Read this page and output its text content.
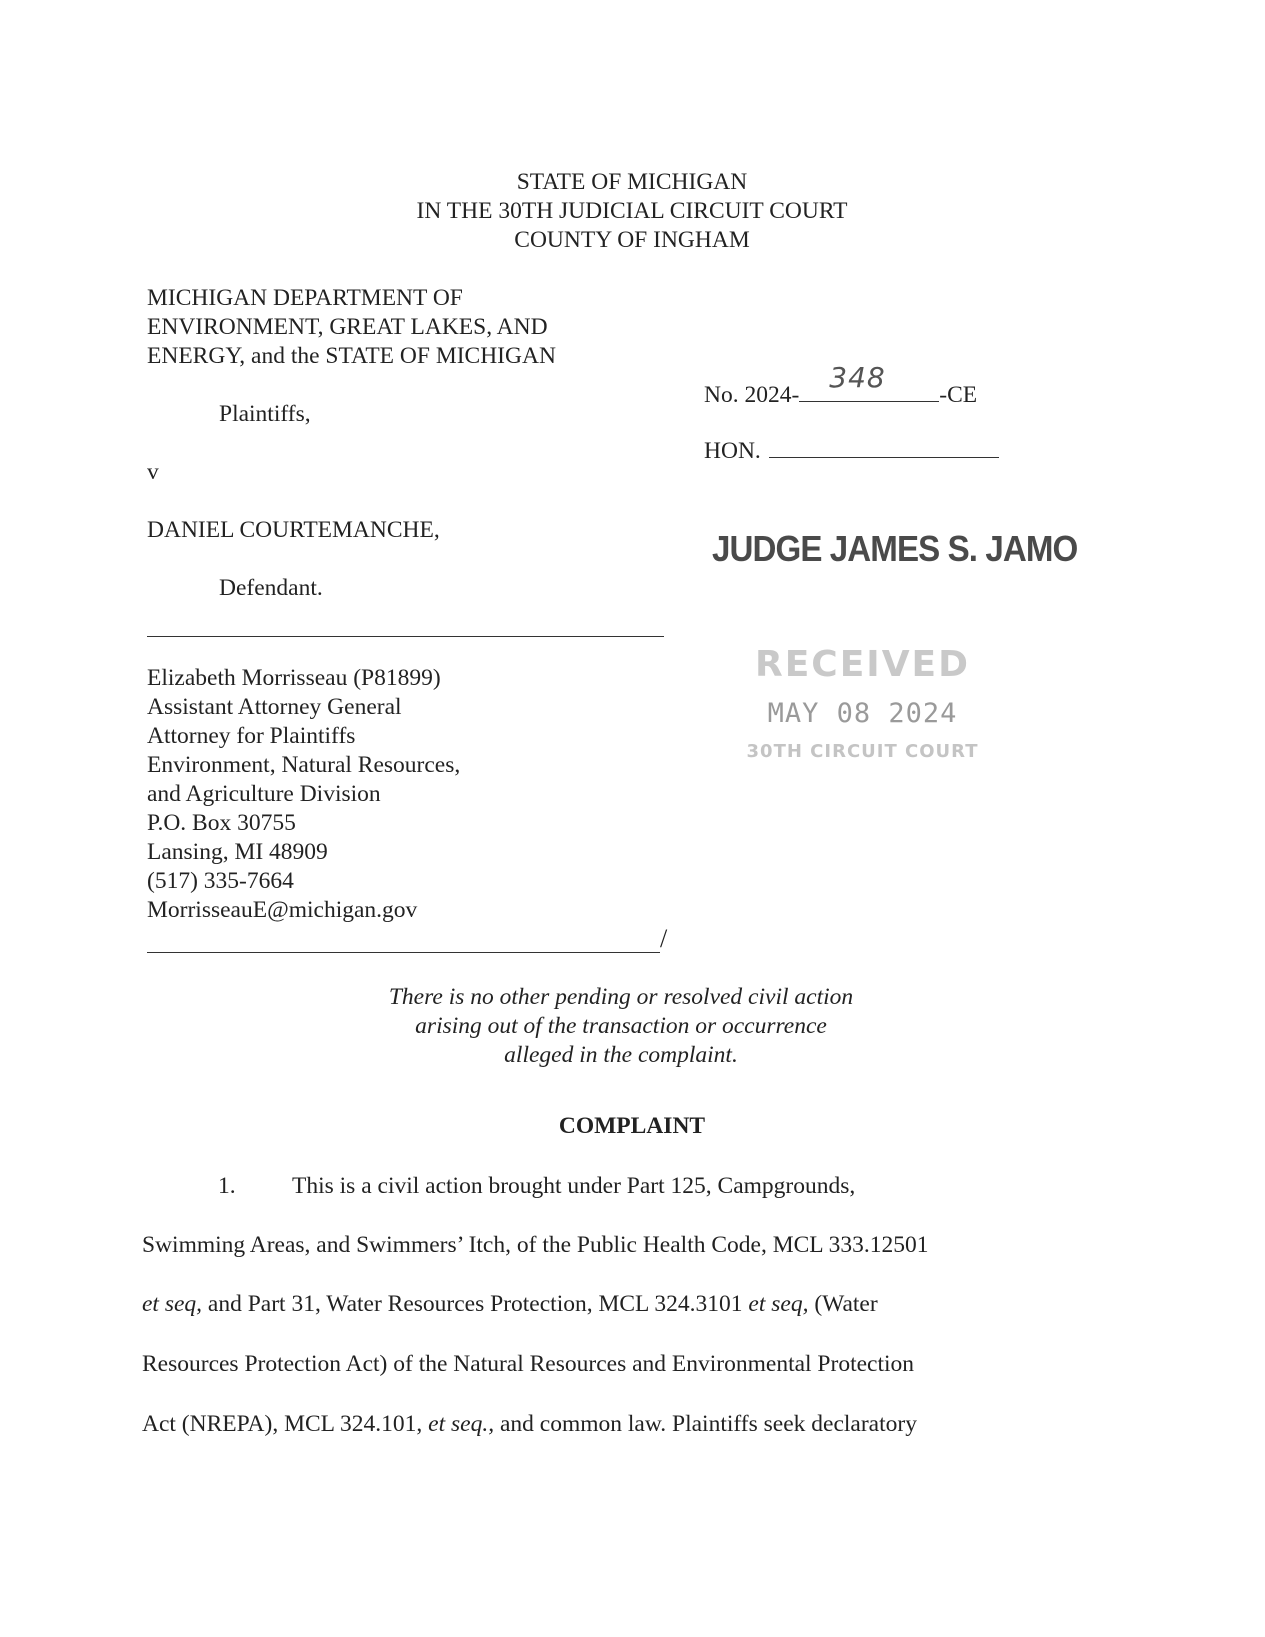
STATE OF MICHIGAN
IN THE 30TH JUDICIAL CIRCUIT COURT
COUNTY OF INGHAM
MICHIGAN DEPARTMENT OF
ENVIRONMENT, GREAT LAKES, AND
ENERGY, and the STATE OF MICHIGAN
Plaintiffs,
v
DANIEL COURTEMANCHE,
Defendant.
No. 2024-
348
-CE
HON.
JUDGE JAMES S. JAMO
RECEIVED
MAY 08 2024
30TH CIRCUIT COURT
Elizabeth Morrisseau (P81899)
Assistant Attorney General
Attorney for Plaintiffs
Environment, Natural Resources,
and Agriculture Division
P.O. Box 30755
Lansing, MI 48909
(517) 335-7664
MorrisseauE@michigan.gov
/
There is no other pending or resolved civil action
arising out of the transaction or occurrence
alleged in the complaint.
COMPLAINT
1. This is a civil action brought under Part 125, Campgrounds,
Swimming Areas, and Swimmers’ Itch, of the Public Health Code, MCL 333.12501
et seq, and Part 31, Water Resources Protection, MCL 324.3101 et seq, (Water
Resources Protection Act) of the Natural Resources and Environmental Protection
Act (NREPA), MCL 324.101, et seq., and common law. Plaintiffs seek declaratory
